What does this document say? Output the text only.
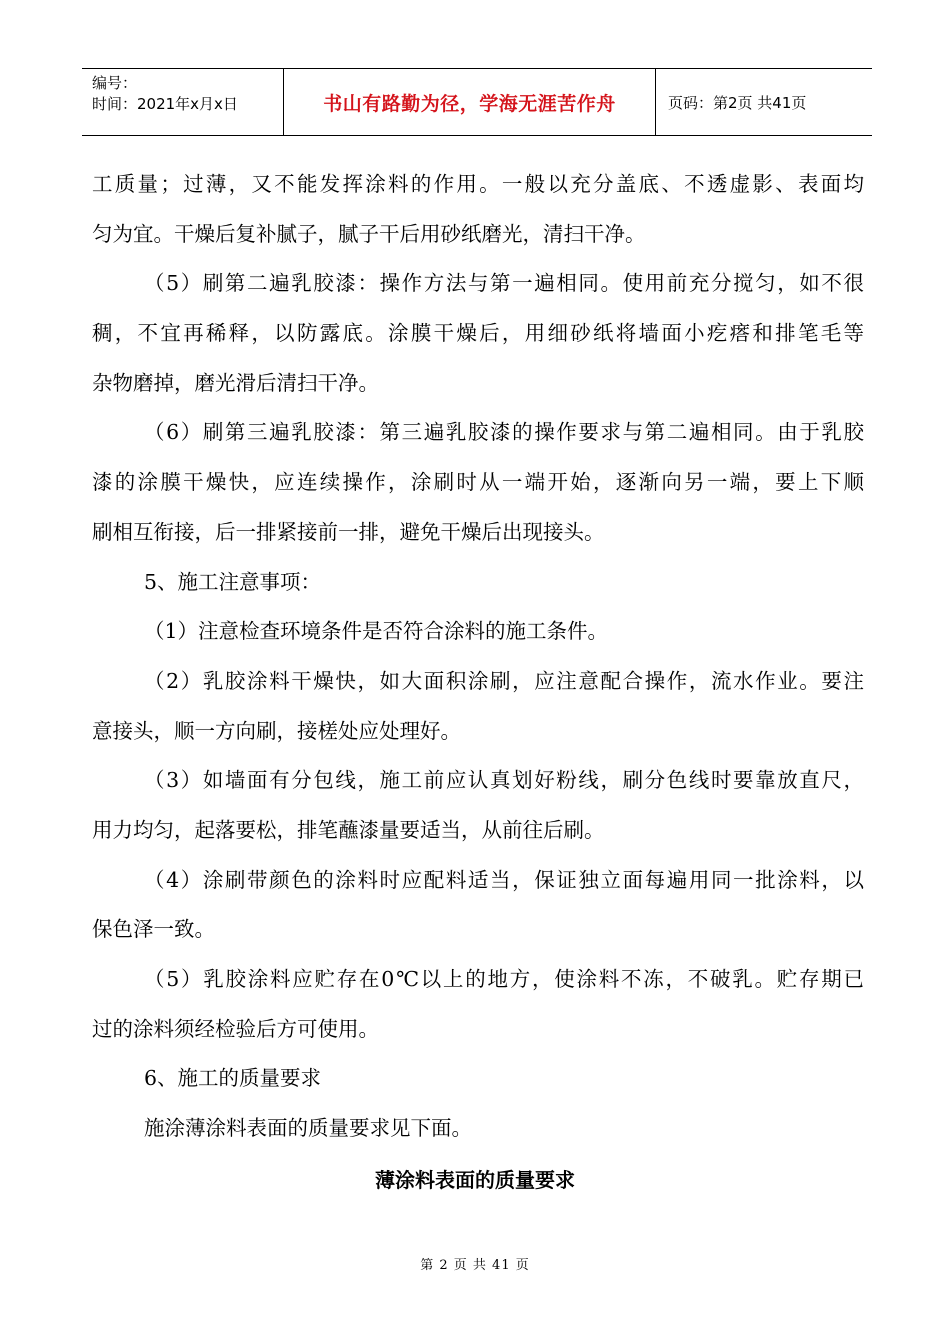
编号：
时间：2021年x月x日	书山有路勤为径，学海无涯苦作舟	页码：第2页 共41页
工质量；过薄，又不能发挥涂料的作用。一般以充分盖底、不透虚影、表面均
匀为宜。干燥后复补腻子，腻子干后用砂纸磨光，清扫干净。
（5）刷第二遍乳胶漆：操作方法与第一遍相同。使用前充分搅匀，如不很
稠，不宜再稀释，以防露底。涂膜干燥后，用细砂纸将墙面小疙瘩和排笔毛等
杂物磨掉，磨光滑后清扫干净。
（6）刷第三遍乳胶漆：第三遍乳胶漆的操作要求与第二遍相同。由于乳胶
漆的涂膜干燥快，应连续操作，涂刷时从一端开始，逐渐向另一端，要上下顺
刷相互衔接，后一排紧接前一排，避免干燥后出现接头。
5、施工注意事项：
（1）注意检查环境条件是否符合涂料的施工条件。
（2）乳胶涂料干燥快，如大面积涂刷，应注意配合操作，流水作业。要注
意接头，顺一方向刷，接槎处应处理好。
（3）如墙面有分包线，施工前应认真划好粉线，刷分色线时要靠放直尺，
用力均匀，起落要松，排笔蘸漆量要适当，从前往后刷。
（4）涂刷带颜色的涂料时应配料适当，保证独立面每遍用同一批涂料，以
保色泽一致。
（5）乳胶涂料应贮存在0℃以上的地方，使涂料不冻，不破乳。贮存期已
过的涂料须经检验后方可使用。
6、施工的质量要求
施涂薄涂料表面的质量要求见下面。
薄涂料表面的质量要求
第 2 页 共 41 页
